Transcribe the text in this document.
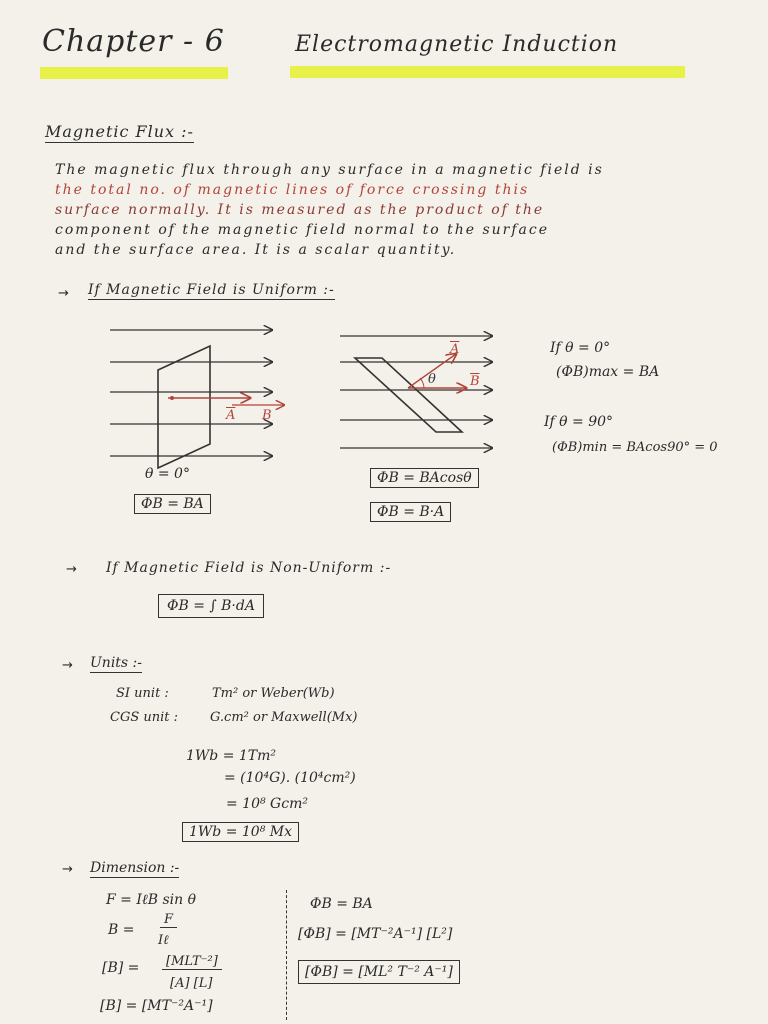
Chapter - 6	Electromagnetic Induction
Magnetic Flux :-
The magnetic flux through any surface in a magnetic field is
the total no. of magnetic lines of force crossing this
surface normally. It is measured as the product of the
component of the magnetic field normal to the surface
and the surface area. It is a scalar quantity.
→ If Magnetic Field is Uniform :-
$\overline{A}$ B
$\overline{A}$
$\overline{B}$
θ
θ = 0°
ΦB = BA
ΦB = BAcosθ
ΦB = B·A
If θ = 0°
(ΦB)max = BA
If θ = 90°
(ΦB)min = BAcos90° = 0
→ If Magnetic Field is Non-Uniform :-
ΦB = ∫ B·dA
→ Units :-
SI unit :	Tm² or Weber(Wb)
CGS unit : G.cm² or Maxwell(Mx)
1Wb = 1Tm²
= (10⁴G). (10⁴cm²)
= 10⁸ Gcm²
1Wb = 10⁸ Mx
→ Dimension :-
F = IℓB sin θ
B =
F
Iℓ
[B] =	[MLT⁻²]
[A] [L]
[B] = [MT⁻²A⁻¹]
ΦB = BA
[ΦB] = [MT⁻²A⁻¹] [L²]
[ΦB] = [ML² T⁻² A⁻¹]
